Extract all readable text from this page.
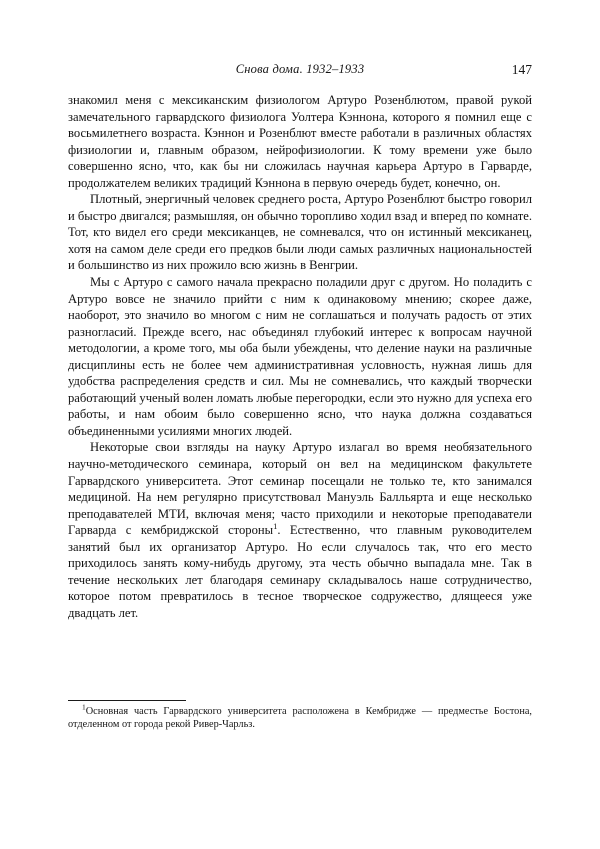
Снова дома. 1932–1933	147

знакомил меня с мексиканским физиологом Артуро Розенблютом, правой рукой замечательного гарвардского физиолога Уолтера Кэннона, которого я помнил еще с восьмилетнего возраста. Кэннон и Розенблют вместе работали в различных областях физиологии и, главным образом, нейрофизиологии. К тому времени уже было совершенно ясно, что, как бы ни сложилась научная карьера Артуро в Гарварде, продолжателем великих традиций Кэннона в первую очередь будет, конечно, он.

Плотный, энергичный человек среднего роста, Артуро Розенблют быстро говорил и быстро двигался; размышляя, он обычно торопливо ходил взад и вперед по комнате. Тот, кто видел его среди мексиканцев, не сомневался, что он истинный мексиканец, хотя на самом деле среди его предков были люди самых различных национальностей и большинство из них прожило всю жизнь в Венгрии.

Мы с Артуро с самого начала прекрасно поладили друг с другом. Но поладить с Артуро вовсе не значило прийти с ним к одинаковому мнению; скорее даже, наоборот, это значило во многом с ним не соглашаться и получать радость от этих разногласий. Прежде всего, нас объединял глубокий интерес к вопросам научной методологии, а кроме того, мы оба были убеждены, что деление науки на различные дисциплины есть не более чем административная условность, нужная лишь для удобства распределения средств и сил. Мы не сомневались, что каждый творчески работающий ученый волен ломать любые перегородки, если это нужно для успеха его работы, и нам обоим было совершенно ясно, что наука должна создаваться объединенными усилиями многих людей.

Некоторые свои взгляды на науку Артуро излагал во время необязательного научно-методического семинара, который он вел на медицинском факультете Гарвардского университета. Этот семинар посещали не только те, кто занимался медициной. На нем регулярно присутствовал Мануэль Балльярта и еще несколько преподавателей МТИ, включая меня; часто приходили и некоторые преподаватели Гарварда с кембриджской стороны$^1$. Естественно, что главным руководителем занятий был их организатор Артуро. Но если случалось так, что его место приходилось занять кому-нибудь другому, эта честь обычно выпадала мне. Так в течение нескольких лет благодаря семинару складывалось наше сотрудничество, которое потом превратилось в тесное творческое содружество, длящееся уже двадцать лет.

$^1$Основная часть Гарвардского университета расположена в Кембридже — предместье Бостона, отделенном от города рекой Ривер-Чарльз.
